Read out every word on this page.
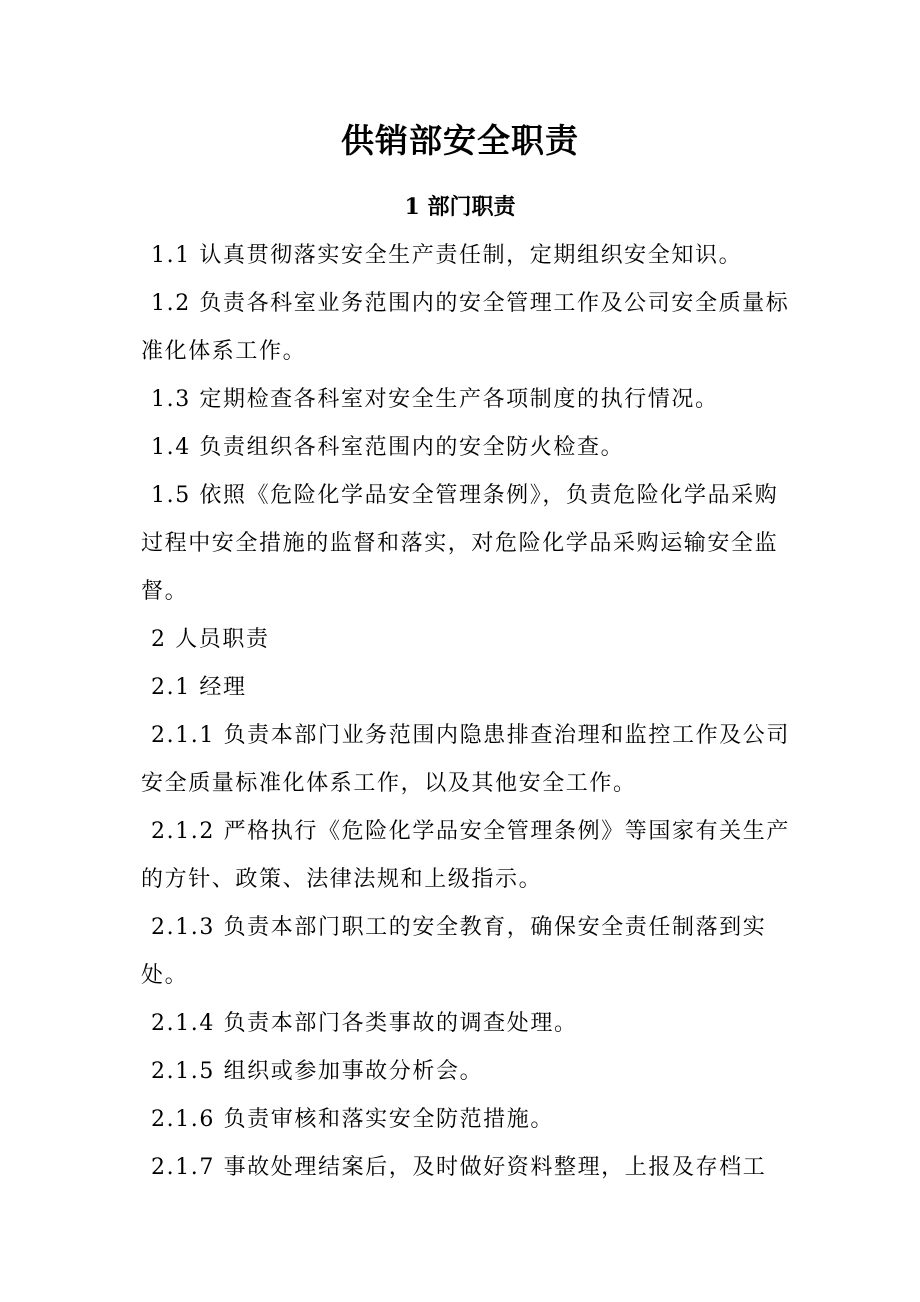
供销部安全职责
1 部门职责

1.1 认真贯彻落实安全生产责任制，定期组织安全知识。

1.2 负责各科室业务范围内的安全管理工作及公司安全质量标准化体系工作。

1.3 定期检查各科室对安全生产各项制度的执行情况。

1.4 负责组织各科室范围内的安全防火检查。

1.5 依照《危险化学品安全管理条例》，负责危险化学品采购过程中安全措施的监督和落实，对危险化学品采购运输安全监督。

2 人员职责

2.1 经理

2.1.1 负责本部门业务范围内隐患排查治理和监控工作及公司安全质量标准化体系工作，以及其他安全工作。

2.1.2 严格执行《危险化学品安全管理条例》等国家有关生产的方针、政策、法律法规和上级指示。

2.1.3 负责本部门职工的安全教育，确保安全责任制落到实处。

2.1.4 负责本部门各类事故的调查处理。

2.1.5 组织或参加事故分析会。

2.1.6 负责审核和落实安全防范措施。

2.1.7 事故处理结案后，及时做好资料整理，上报及存档工
